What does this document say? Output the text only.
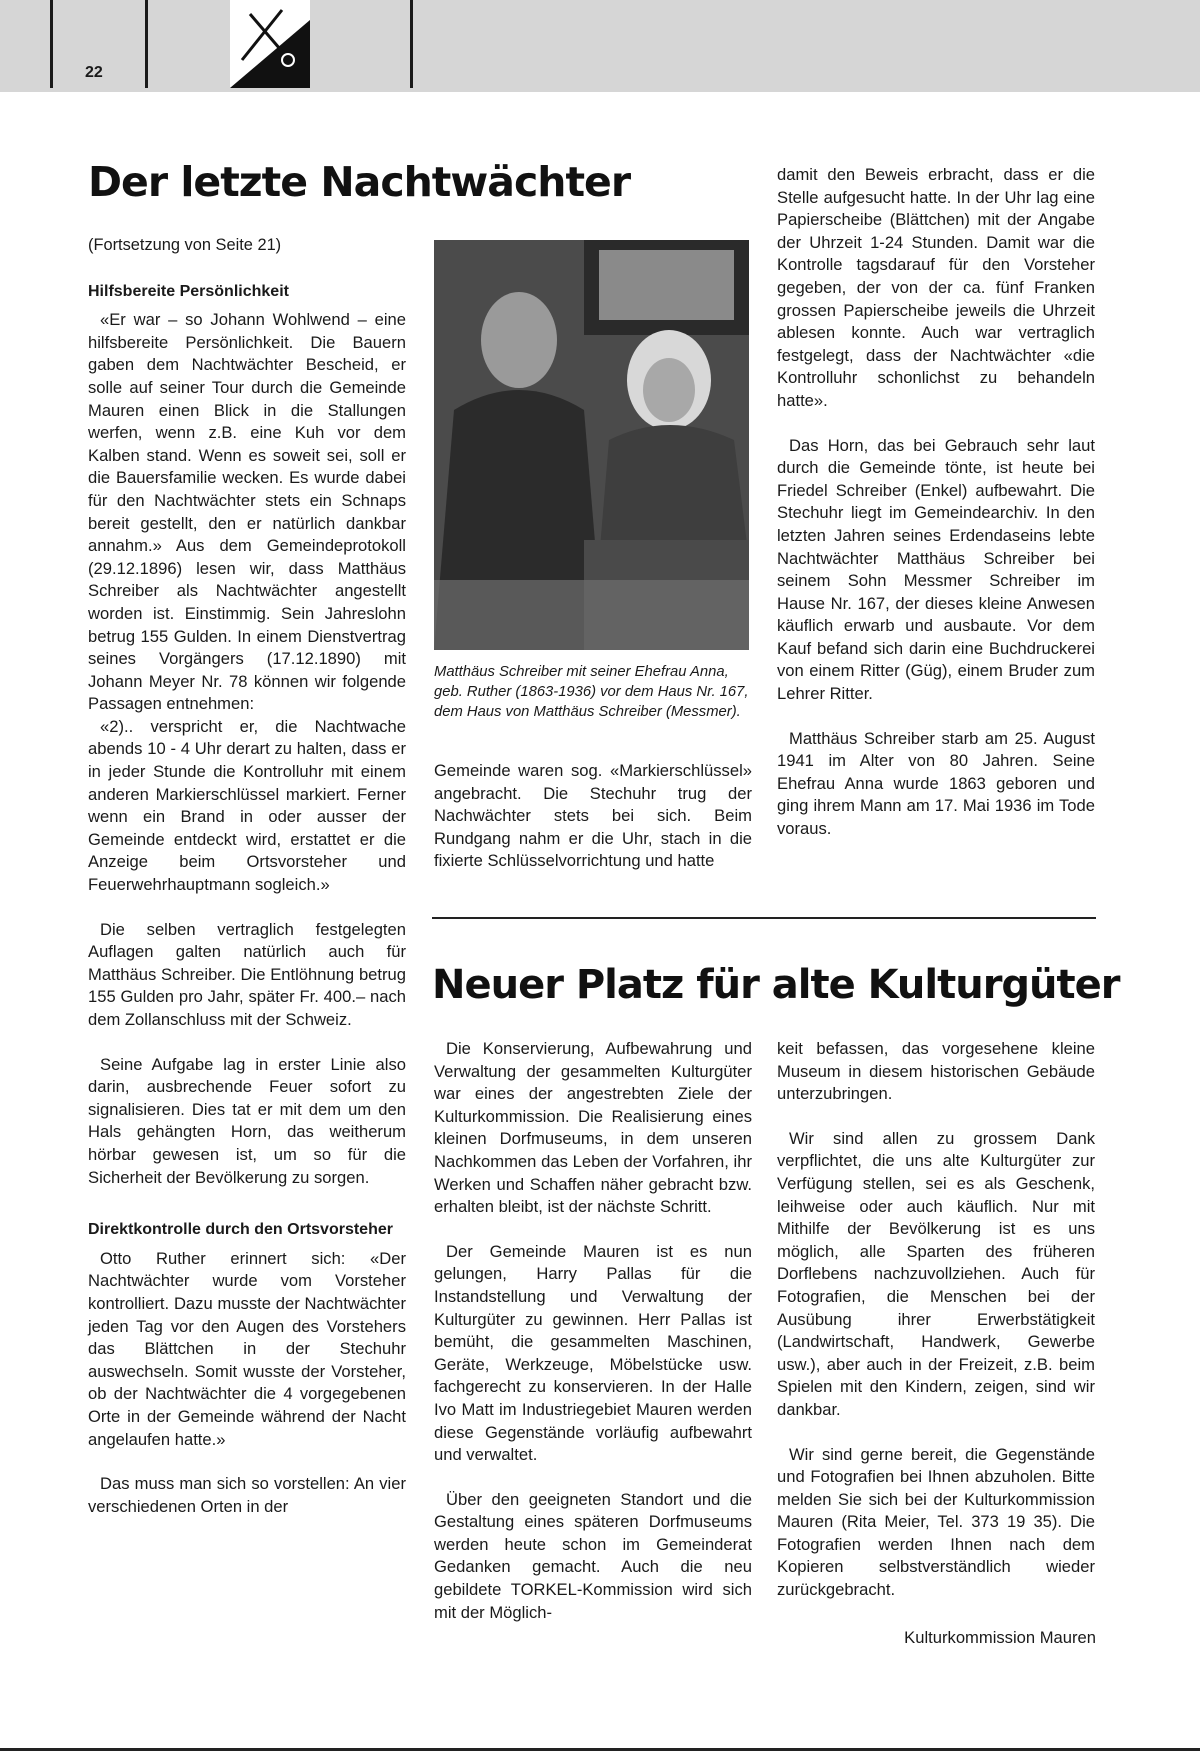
22
Der letzte Nachtwächter

(Fortsetzung von Seite 21)

Hilfsbereite Persönlichkeit

«Er war – so Johann Wohlwend – eine hilfsbereite Persönlichkeit. Die Bauern gaben dem Nachtwächter Bescheid, er solle auf seiner Tour durch die Gemeinde Mauren einen Blick in die Stallungen werfen, wenn z.B. eine Kuh vor dem Kalben stand. Wenn es soweit sei, soll er die Bauersfamilie wecken. Es wurde dabei für den Nachtwächter stets ein Schnaps bereit gestellt, den er natürlich dankbar annahm.» Aus dem Gemeindeprotokoll (29.12.1896) lesen wir, dass Matthäus Schreiber als Nachtwächter angestellt worden ist. Einstimmig. Sein Jahreslohn betrug 155 Gulden. In einem Dienstvertrag seines Vorgängers (17.12.1890) mit Johann Meyer Nr. 78 können wir folgende Passagen entnehmen:

«2).. verspricht er, die Nachtwache abends 10 - 4 Uhr derart zu halten, dass er in jeder Stunde die Kontrolluhr mit einem anderen Markierschlüssel markiert. Ferner wenn ein Brand in oder ausser der Gemeinde entdeckt wird, erstattet er die Anzeige beim Ortsvorsteher und Feuerwehrhauptmann sogleich.»

Die selben vertraglich festgelegten Auflagen galten natürlich auch für Matthäus Schreiber. Die Entlöhnung betrug 155 Gulden pro Jahr, später Fr. 400.– nach dem Zollanschluss mit der Schweiz.

Seine Aufgabe lag in erster Linie also darin, ausbrechende Feuer sofort zu signalisieren. Dies tat er mit dem um den Hals gehängten Horn, das weitherum hörbar gewesen ist, um so für die Sicherheit der Bevölkerung zu sorgen.

Direktkontrolle durch den Ortsvorsteher

Otto Ruther erinnert sich: «Der Nachtwächter wurde vom Vorsteher kontrolliert. Dazu musste der Nachtwächter jeden Tag vor den Augen des Vorstehers das Blättchen in der Stechuhr auswechseln. Somit wusste der Vorsteher, ob der Nachtwächter die 4 vorgegebenen Orte in der Gemeinde während der Nacht angelaufen hatte.»

Das muss man sich so vorstellen: An vier verschiedenen Orten in der

Matthäus Schreiber mit seiner Ehefrau Anna, geb. Ruther (1863-1936) vor dem Haus Nr. 167, dem Haus von Matthäus Schreiber (Messmer).

Gemeinde waren sog. «Markierschlüssel» angebracht. Die Stechuhr trug der Nachwächter stets bei sich. Beim Rundgang nahm er die Uhr, stach in die fixierte Schlüsselvorrichtung und hatte

damit den Beweis erbracht, dass er die Stelle aufgesucht hatte. In der Uhr lag eine Papierscheibe (Blättchen) mit der Angabe der Uhrzeit 1-24 Stunden. Damit war die Kontrolle tagsdarauf für den Vorsteher gegeben, der von der ca. fünf Franken grossen Papierscheibe jeweils die Uhrzeit ablesen konnte. Auch war vertraglich festgelegt, dass der Nachtwächter «die Kontrolluhr schonlichst zu behandeln hatte».

Das Horn, das bei Gebrauch sehr laut durch die Gemeinde tönte, ist heute bei Friedel Schreiber (Enkel) aufbewahrt. Die Stechuhr liegt im Gemeindearchiv. In den letzten Jahren seines Erdendaseins lebte Nachtwächter Matthäus Schreiber bei seinem Sohn Messmer Schreiber im Hause Nr. 167, der dieses kleine Anwesen käuflich erwarb und ausbaute. Vor dem Kauf befand sich darin eine Buchdruckerei von einem Ritter (Güg), einem Bruder zum Lehrer Ritter.

Matthäus Schreiber starb am 25. August 1941 im Alter von 80 Jahren. Seine Ehefrau Anna wurde 1863 geboren und ging ihrem Mann am 17. Mai 1936 im Tode voraus.

Neuer Platz für alte Kulturgüter

Die Konservierung, Aufbewahrung und Verwaltung der gesammelten Kulturgüter war eines der angestrebten Ziele der Kulturkommission. Die Realisierung eines kleinen Dorfmuseums, in dem unseren Nachkommen das Leben der Vorfahren, ihr Werken und Schaffen näher gebracht bzw. erhalten bleibt, ist der nächste Schritt.

Der Gemeinde Mauren ist es nun gelungen, Harry Pallas für die Instandstellung und Verwaltung der Kulturgüter zu gewinnen. Herr Pallas ist bemüht, die gesammelten Maschinen, Geräte, Werkzeuge, Möbelstücke usw. fachgerecht zu konservieren. In der Halle Ivo Matt im Industriegebiet Mauren werden diese Gegenstände vorläufig aufbewahrt und verwaltet.

Über den geeigneten Standort und die Gestaltung eines späteren Dorfmuseums werden heute schon im Gemeinderat Gedanken gemacht. Auch die neu gebildete TORKEL-Kommission wird sich mit der Möglich-

keit befassen, das vorgesehene kleine Museum in diesem historischen Gebäude unterzubringen.

Wir sind allen zu grossem Dank verpflichtet, die uns alte Kulturgüter zur Verfügung stellen, sei es als Geschenk, leihweise oder auch käuflich. Nur mit Mithilfe der Bevölkerung ist es uns möglich, alle Sparten des früheren Dorflebens nachzuvollziehen. Auch für Fotografien, die Menschen bei der Ausübung ihrer Erwerbstätigkeit (Landwirtschaft, Handwerk, Gewerbe usw.), aber auch in der Freizeit, z.B. beim Spielen mit den Kindern, zeigen, sind wir dankbar.

Wir sind gerne bereit, die Gegenstände und Fotografien bei Ihnen abzuholen. Bitte melden Sie sich bei der Kulturkommission Mauren (Rita Meier, Tel. 373 19 35). Die Fotografien werden Ihnen nach dem Kopieren selbstverständlich wieder zurückgebracht.

Kulturkommission Mauren
